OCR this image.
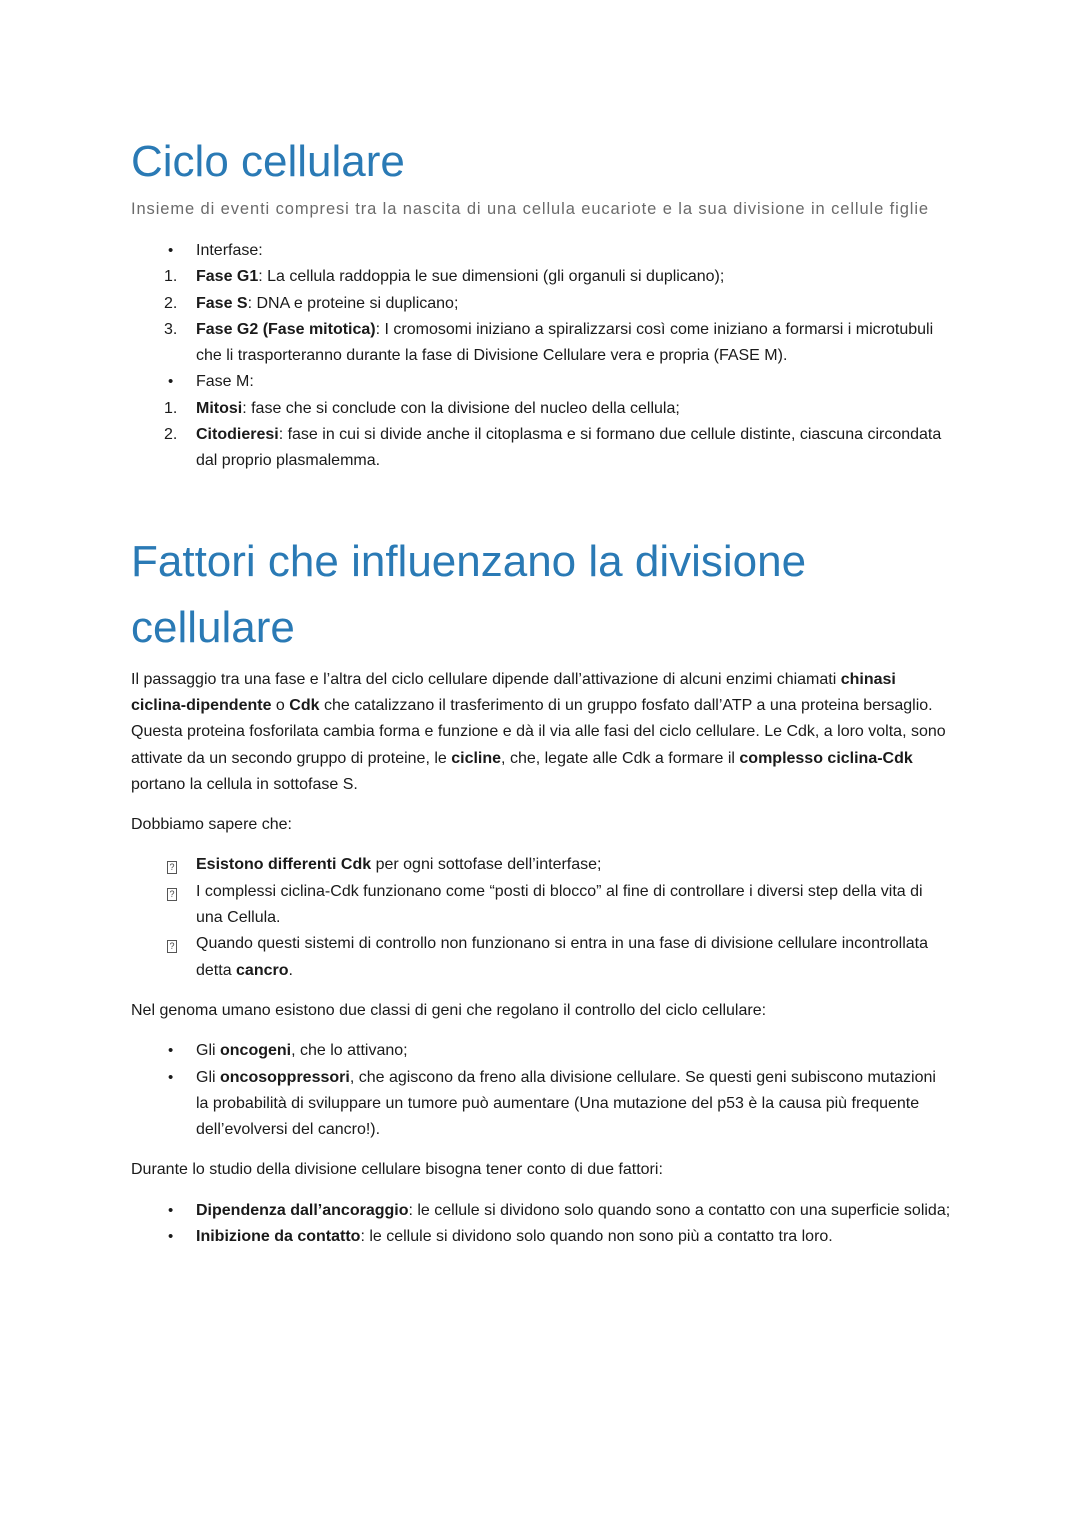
Ciclo cellulare

Insieme di eventi compresi tra la nascita di una cellula eucariote e la sua divisione in cellule figlie

•	Interfase:
1.	Fase G1: La cellula raddoppia le sue dimensioni (gli organuli si duplicano);
2.	Fase S: DNA e proteine si duplicano;
3.	Fase G2 (Fase mitotica): I cromosomi iniziano a spiralizzarsi così come iniziano a formarsi i microtubuli che li trasporteranno durante la fase di Divisione Cellulare vera e propria (FASE M).
•	Fase M:
1.	Mitosi: fase che si conclude con la divisione del nucleo della cellula;
2.	Citodieresi: fase in cui si divide anche il citoplasma e si formano due cellule distinte, ciascuna circondata dal proprio plasmalemma.
Fattori che influenzano la divisione cellulare

Il passaggio tra una fase e l’altra del ciclo cellulare dipende dall’attivazione di alcuni enzimi chiamati chinasi ciclina-dipendente o Cdk che catalizzano il trasferimento di un gruppo fosfato dall’ATP a una proteina bersaglio. Questa proteina fosforilata cambia forma e funzione e dà il via alle fasi del ciclo cellulare. Le Cdk, a loro volta, sono attivate da un secondo gruppo di proteine, le cicline, che, legate alle Cdk a formare il complesso ciclina-Cdk portano la cellula in sottofase S.

Dobbiamo sapere che:

?	Esistono differenti Cdk per ogni sottofase dell’interfase;
?	I complessi ciclina-Cdk funzionano come “posti di blocco” al fine di controllare i diversi step della vita di una Cellula.
?	Quando questi sistemi di controllo non funzionano si entra in una fase di divisione cellulare incontrollata detta cancro.

Nel genoma umano esistono due classi di geni che regolano il controllo del ciclo cellulare:

•	Gli oncogeni, che lo attivano;
•	Gli oncosoppressori, che agiscono da freno alla divisione cellulare. Se questi geni subiscono mutazioni la probabilità di sviluppare un tumore può aumentare (Una mutazione del p53 è la causa più frequente dell’evolversi del cancro!).

Durante lo studio della divisione cellulare bisogna tener conto di due fattori:

•	Dipendenza dall’ancoraggio: le cellule si dividono solo quando sono a contatto con una superficie solida;
•	Inibizione da contatto: le cellule si dividono solo quando non sono più a contatto tra loro.
